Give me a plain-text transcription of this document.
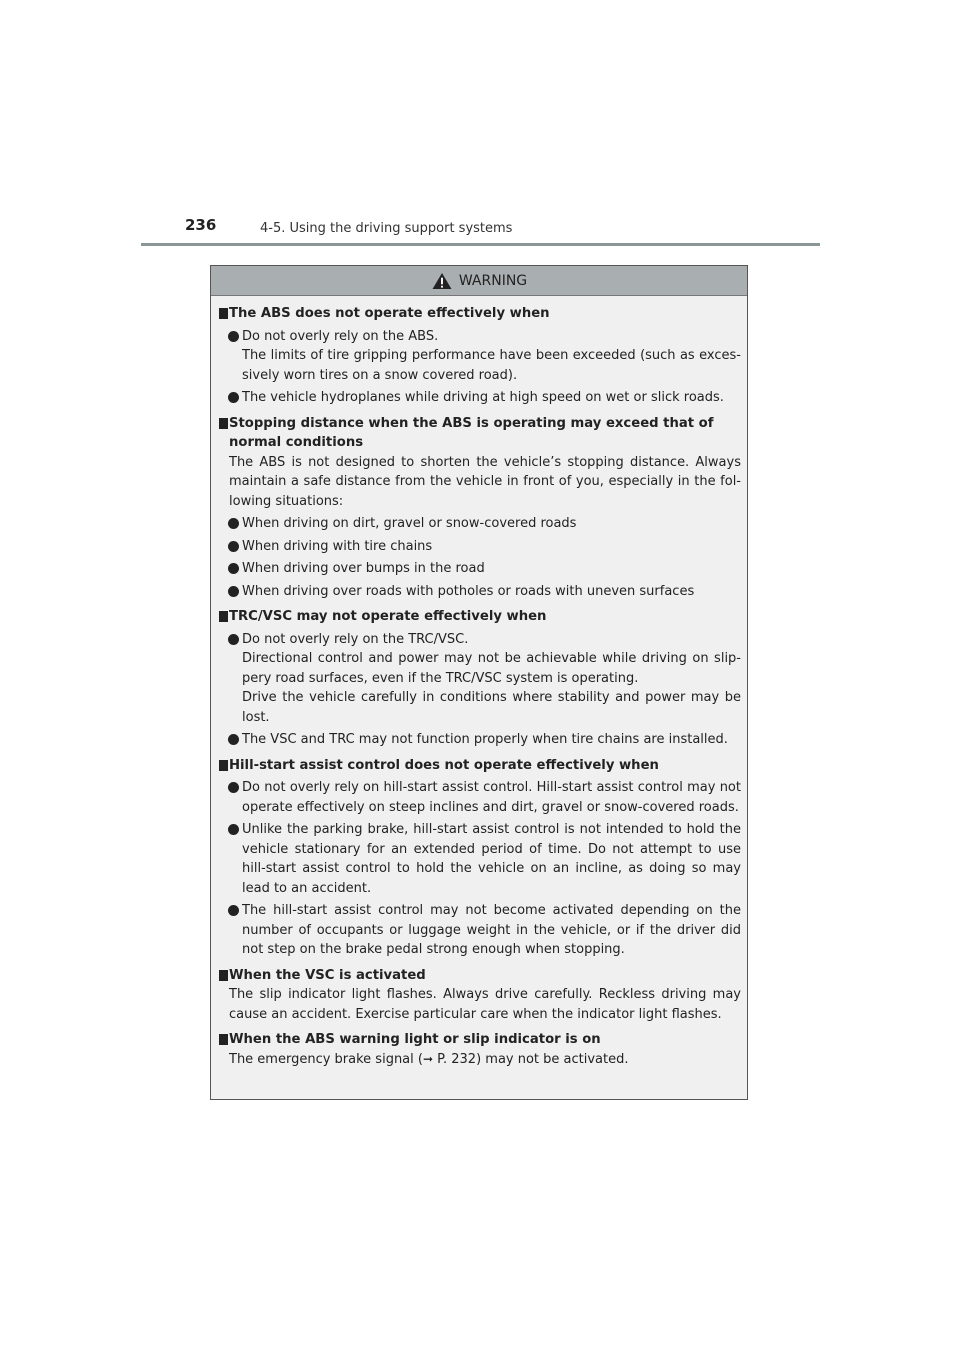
236	4-5. Using the driving support systems
WARNING
The ABS does not operate effectively when

Do not overly rely on the ABS.

The limits of tire gripping performance have been exceeded (such as exces-sively worn tires on a snow covered road).

The vehicle hydroplanes while driving at high speed on wet or slick roads.

Stopping distance when the ABS is operating may exceed that of normal conditions
The ABS is not designed to shorten the vehicle’s stopping distance. Always maintain a safe distance from the vehicle in front of you, especially in the fol-lowing situations:

When driving on dirt, gravel or snow-covered roads

When driving with tire chains

When driving over bumps in the road

When driving over roads with potholes or roads with uneven surfaces

TRC/VSC may not operate effectively when

Do not overly rely on the TRC/VSC.

Directional control and power may not be achievable while driving on slip-pery road surfaces, even if the TRC/VSC system is operating.

Drive the vehicle carefully in conditions where stability and power may be lost.

The VSC and TRC may not function properly when tire chains are installed.

Hill-start assist control does not operate effectively when

Do not overly rely on hill-start assist control. Hill-start assist control may not operate effectively on steep inclines and dirt, gravel or snow-covered roads.

Unlike the parking brake, hill-start assist control is not intended to hold the vehicle stationary for an extended period of time. Do not attempt to use hill-start assist control to hold the vehicle on an incline, as doing so may lead to an accident.

The hill-start assist control may not become activated depending on the number of occupants or luggage weight in the vehicle, or if the driver did not step on the brake pedal strong enough when stopping.

When the VSC is activated
The slip indicator light flashes. Always drive carefully. Reckless driving may cause an accident. Exercise particular care when the indicator light flashes.
When the ABS warning light or slip indicator is on
The emergency brake signal (➞ P. 232) may not be activated.
